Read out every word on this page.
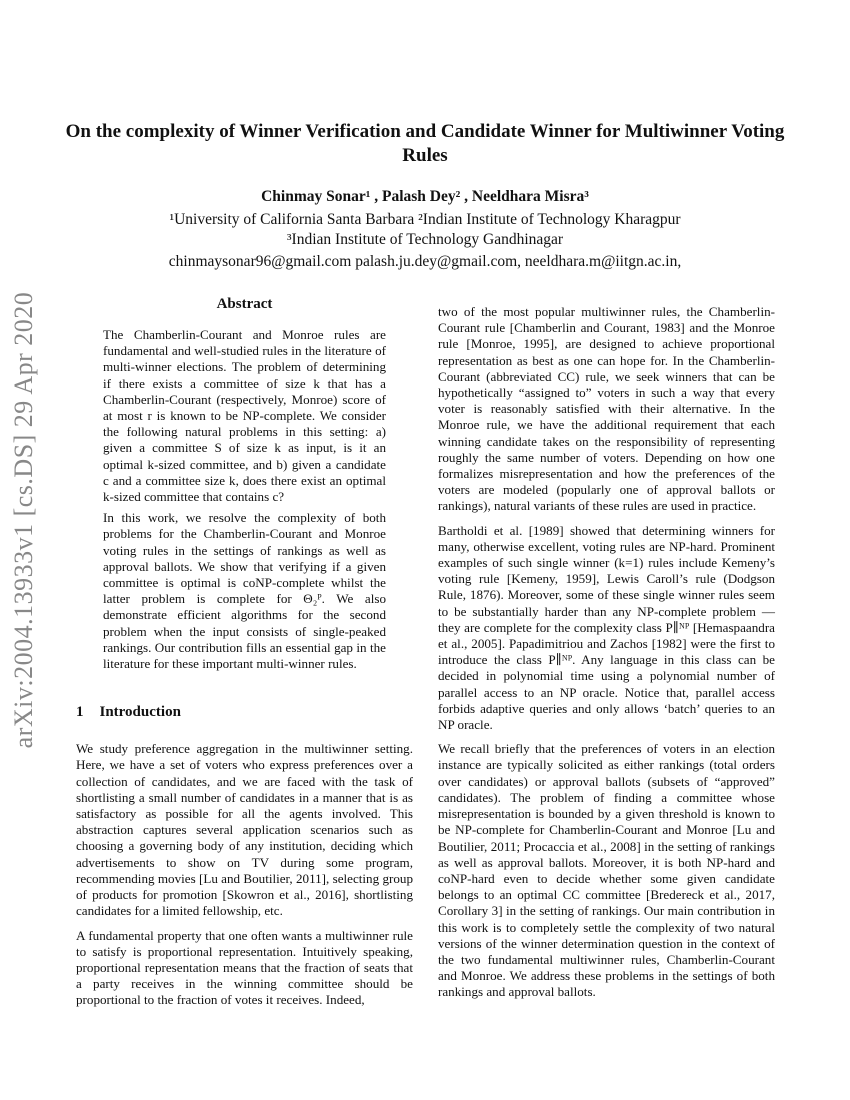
arXiv:2004.13933v1 [cs.DS] 29 Apr 2020
On the complexity of Winner Verification and Candidate Winner for Multiwinner Voting Rules
Chinmay Sonar¹ , Palash Dey² , Neeldhara Misra³
¹University of California Santa Barbara ²Indian Institute of Technology Kharagpur
³Indian Institute of Technology Gandhinagar
chinmaysonar96@gmail.com palash.ju.dey@gmail.com, neeldhara.m@iitgn.ac.in,
Abstract

The Chamberlin-Courant and Monroe rules are fundamental and well-studied rules in the literature of multi-winner elections. The problem of determining if there exists a committee of size k that has a Chamberlin-Courant (respectively, Monroe) score of at most r is known to be NP-complete. We consider the following natural problems in this setting: a) given a committee S of size k as input, is it an optimal k-sized committee, and b) given a candidate c and a committee size k, does there exist an optimal k-sized committee that contains c?

In this work, we resolve the complexity of both problems for the Chamberlin-Courant and Monroe voting rules in the settings of rankings as well as approval ballots. We show that verifying if a given committee is optimal is coNP-complete whilst the latter problem is complete for Θ₂ᴾ. We also demonstrate efficient algorithms for the second problem when the input consists of single-peaked rankings. Our contribution fills an essential gap in the literature for these important multi-winner rules.

1 Introduction

We study preference aggregation in the multiwinner setting. Here, we have a set of voters who express preferences over a collection of candidates, and we are faced with the task of shortlisting a small number of candidates in a manner that is as satisfactory as possible for all the agents involved. This abstraction captures several application scenarios such as choosing a governing body of any institution, deciding which advertisements to show on TV during some program, recommending movies [Lu and Boutilier, 2011], selecting group of products for promotion [Skowron et al., 2016], shortlisting candidates for a limited fellowship, etc.

A fundamental property that one often wants a multiwinner rule to satisfy is proportional representation. Intuitively speaking, proportional representation means that the fraction of seats that a party receives in the winning committee should be proportional to the fraction of votes it receives. Indeed,

two of the most popular multiwinner rules, the Chamberlin-Courant rule [Chamberlin and Courant, 1983] and the Monroe rule [Monroe, 1995], are designed to achieve proportional representation as best as one can hope for. In the Chamberlin-Courant (abbreviated CC) rule, we seek winners that can be hypothetically “assigned to” voters in such a way that every voter is reasonably satisfied with their alternative. In the Monroe rule, we have the additional requirement that each winning candidate takes on the responsibility of representing roughly the same number of voters. Depending on how one formalizes misrepresentation and how the preferences of the voters are modeled (popularly one of approval ballots or rankings), natural variants of these rules are used in practice.

Bartholdi et al. [1989] showed that determining winners for many, otherwise excellent, voting rules are NP-hard. Prominent examples of such single winner (k=1) rules include Kemeny’s voting rule [Kemeny, 1959], Lewis Caroll’s rule (Dodgson Rule, 1876). Moreover, some of these single winner rules seem to be substantially harder than any NP-complete problem — they are complete for the complexity class P∥ᴺᴾ [Hemaspaandra et al., 2005]. Papadimitriou and Zachos [1982] were the first to introduce the class P∥ᴺᴾ. Any language in this class can be decided in polynomial time using a polynomial number of parallel access to an NP oracle. Notice that, parallel access forbids adaptive queries and only allows ‘batch’ queries to an NP oracle.

We recall briefly that the preferences of voters in an election instance are typically solicited as either rankings (total orders over candidates) or approval ballots (subsets of “approved” candidates). The problem of finding a committee whose misrepresentation is bounded by a given threshold is known to be NP-complete for Chamberlin-Courant and Monroe [Lu and Boutilier, 2011; Procaccia et al., 2008] in the setting of rankings as well as approval ballots. Moreover, it is both NP-hard and coNP-hard even to decide whether some given candidate belongs to an optimal CC committee [Bredereck et al., 2017, Corollary 3] in the setting of rankings. Our main contribution in this work is to completely settle the complexity of two natural versions of the winner determination question in the context of the two fundamental multiwinner rules, Chamberlin-Courant and Monroe. We address these problems in the settings of both rankings and approval ballots.
